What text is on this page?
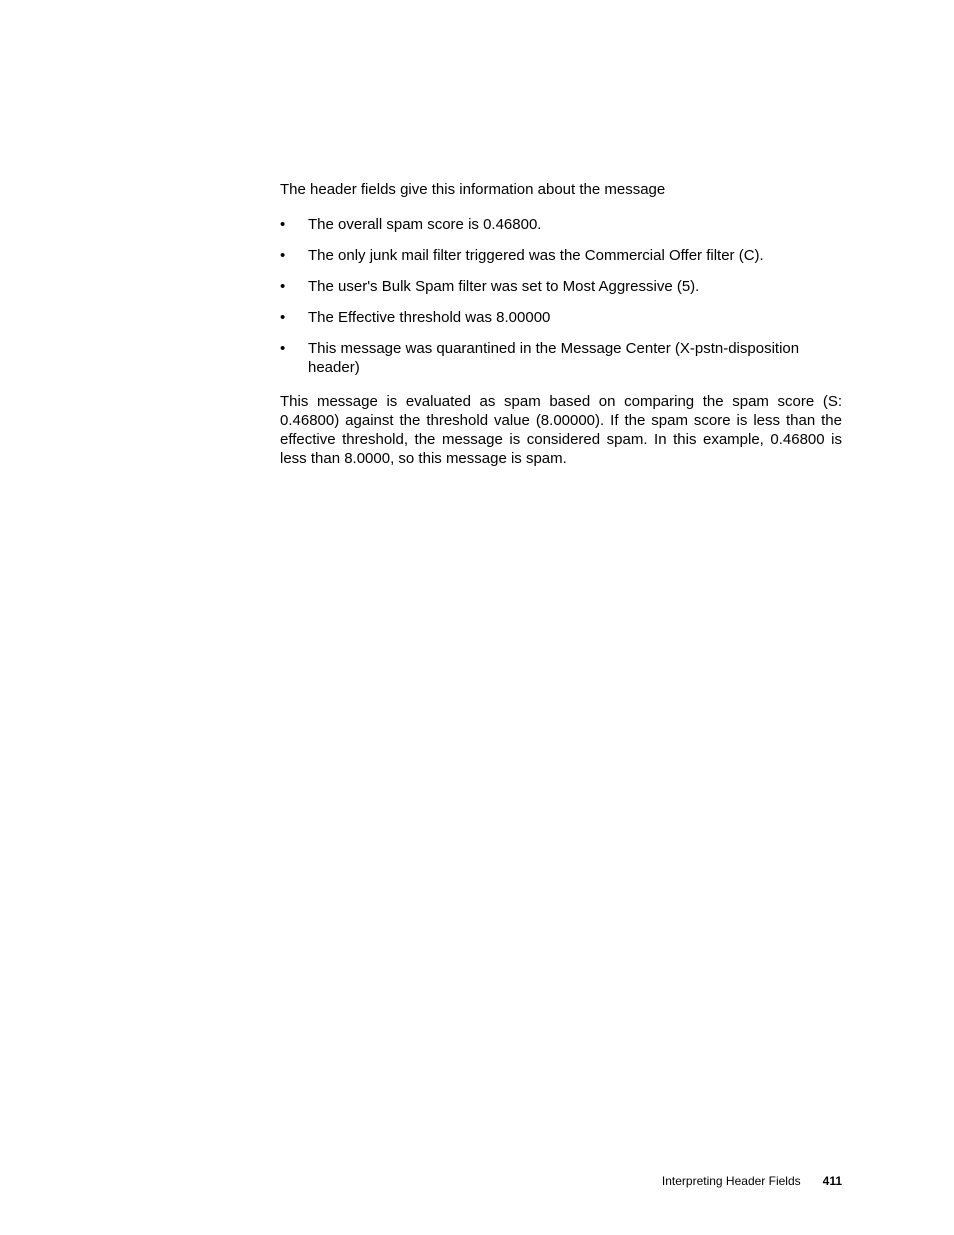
The header fields give this information about the message

• The overall spam score is 0.46800.
• The only junk mail filter triggered was the Commercial Offer filter (C).
• The user's Bulk Spam filter was set to Most Aggressive (5).
• The Effective threshold was 8.00000
• This message was quarantined in the Message Center (X-pstn-disposition header)

This message is evaluated as spam based on comparing the spam score (S: 0.46800) against the threshold value (8.00000). If the spam score is less than the effective threshold, the message is considered spam. In this example, 0.46800 is less than 8.0000, so this message is spam.

Interpreting Header Fields 411
